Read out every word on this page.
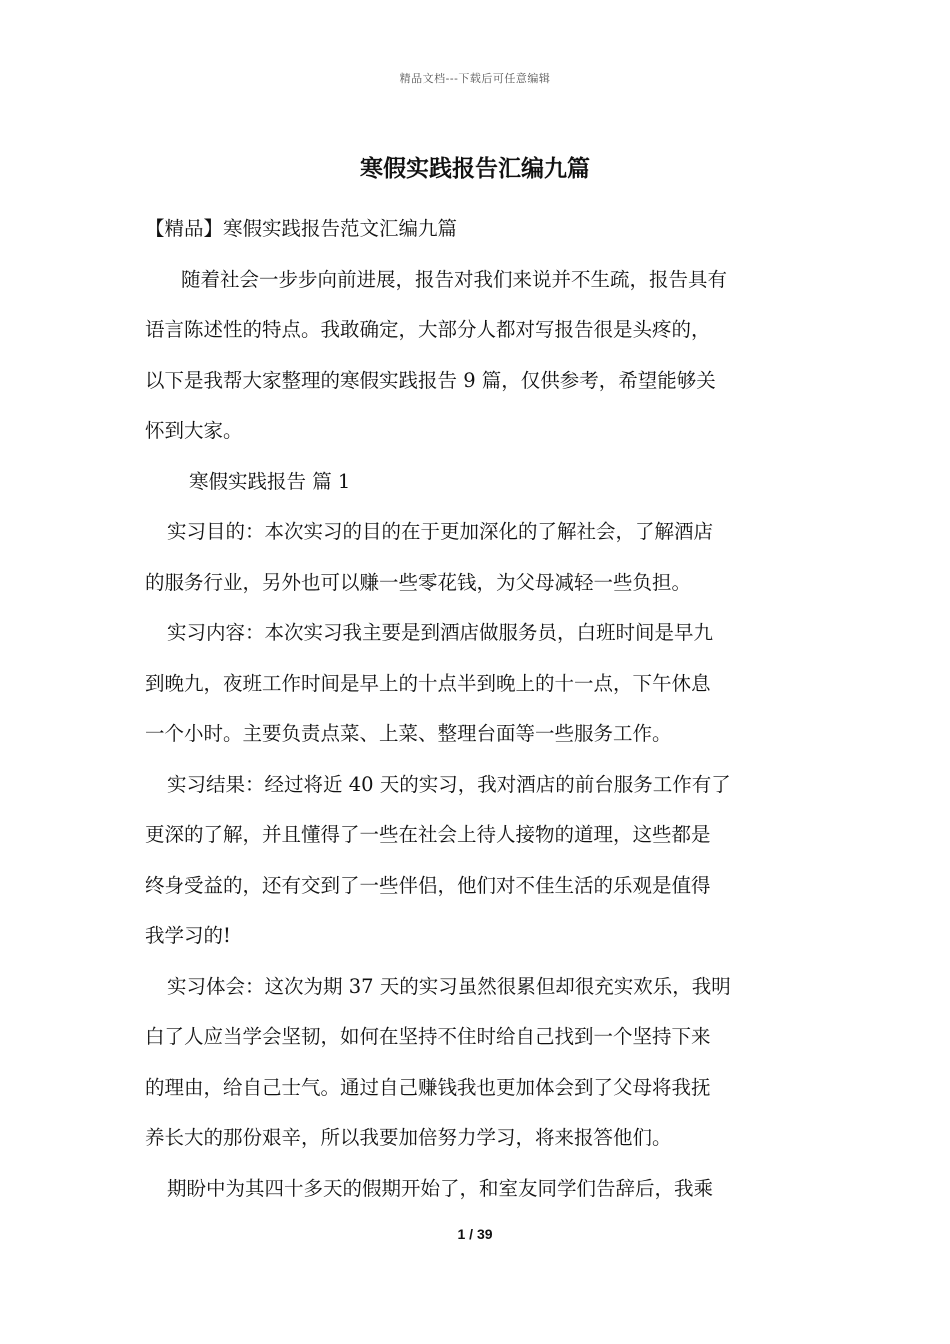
精品文档---下载后可任意编辑
寒假实践报告汇编九篇
【精品】寒假实践报告范文汇编九篇
随着社会一步步向前进展，报告对我们来说并不生疏，报告具有
语言陈述性的特点。我敢确定，大部分人都对写报告很是头疼的，
以下是我帮大家整理的寒假实践报告 9 篇，仅供参考，希望能够关
怀到大家。
寒假实践报告 篇 1
实习目的：本次实习的目的在于更加深化的了解社会，了解酒店
的服务行业，另外也可以赚一些零花钱，为父母减轻一些负担。
实习内容：本次实习我主要是到酒店做服务员，白班时间是早九
到晚九，夜班工作时间是早上的十点半到晚上的十一点，下午休息
一个小时。主要负责点菜、上菜、整理台面等一些服务工作。
实习结果：经过将近 40 天的实习，我对酒店的前台服务工作有了
更深的了解，并且懂得了一些在社会上待人接物的道理，这些都是
终身受益的，还有交到了一些伴侣，他们对不佳生活的乐观是值得
我学习的!
实习体会：这次为期 37 天的实习虽然很累但却很充实欢乐，我明
白了人应当学会坚韧，如何在坚持不住时给自己找到一个坚持下来
的理由，给自己士气。通过自己赚钱我也更加体会到了父母将我抚
养长大的那份艰辛，所以我要加倍努力学习，将来报答他们。
期盼中为其四十多天的假期开始了，和室友同学们告辞后，我乘
1 / 39
